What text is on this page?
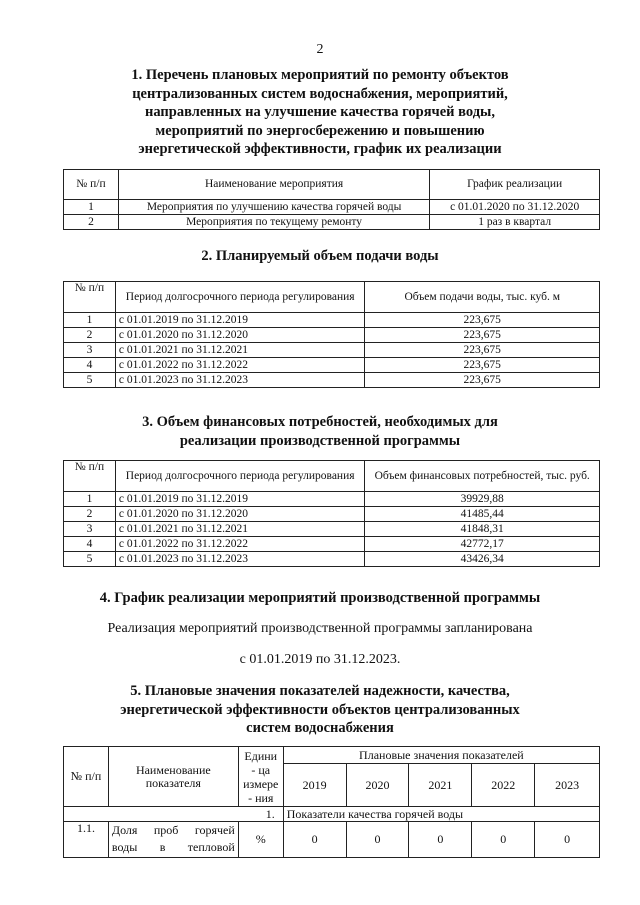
2
1. Перечень плановых мероприятий по ремонту объектов
централизованных систем водоснабжения, мероприятий,
направленных на улучшение качества горячей воды,
мероприятий по энергосбережению и повышению
энергетической эффективности, график их реализации
№ п/п	Наименование мероприятия	График реализации
1	Мероприятия по улучшению качества горячей воды	с 01.01.2020 по 31.12.2020
2	Мероприятия по текущему ремонту	1 раз в квартал
2. Планируемый объем подачи воды
№ п/п	Период долгосрочного периода регулирования	Объем подачи воды, тыс. куб. м
1	с 01.01.2019 по 31.12.2019	223,675
2	с 01.01.2020 по 31.12.2020	223,675
3	с 01.01.2021 по 31.12.2021	223,675
4	с 01.01.2022 по 31.12.2022	223,675
5	с 01.01.2023 по 31.12.2023	223,675
3. Объем финансовых потребностей, необходимых для
реализации производственной программы
№ п/п	Период долгосрочного периода регулирования	Объем финансовых потребностей, тыс. руб.
1	с 01.01.2019 по 31.12.2019	39929,88
2	с 01.01.2020 по 31.12.2020	41485,44
3	с 01.01.2021 по 31.12.2021	41848,31
4	с 01.01.2022 по 31.12.2022	42772,17
5	с 01.01.2023 по 31.12.2023	43426,34
4. График реализации мероприятий производственной программы
Реализация мероприятий производственной программы запланирована
с 01.01.2019 по 31.12.2023.
5. Плановые значения показателей надежности, качества,
энергетической эффективности объектов централизованных
систем водоснабжения
№ п/п	Наименование показателя	Едини - ца измере - ния	Плановые значения показателей				
			2019	2020	2021	2022	2023
1.			Показатели качества горячей воды				
1.1.	Доля проб горячей воды в тепловой	%	0	0	0	0	0
